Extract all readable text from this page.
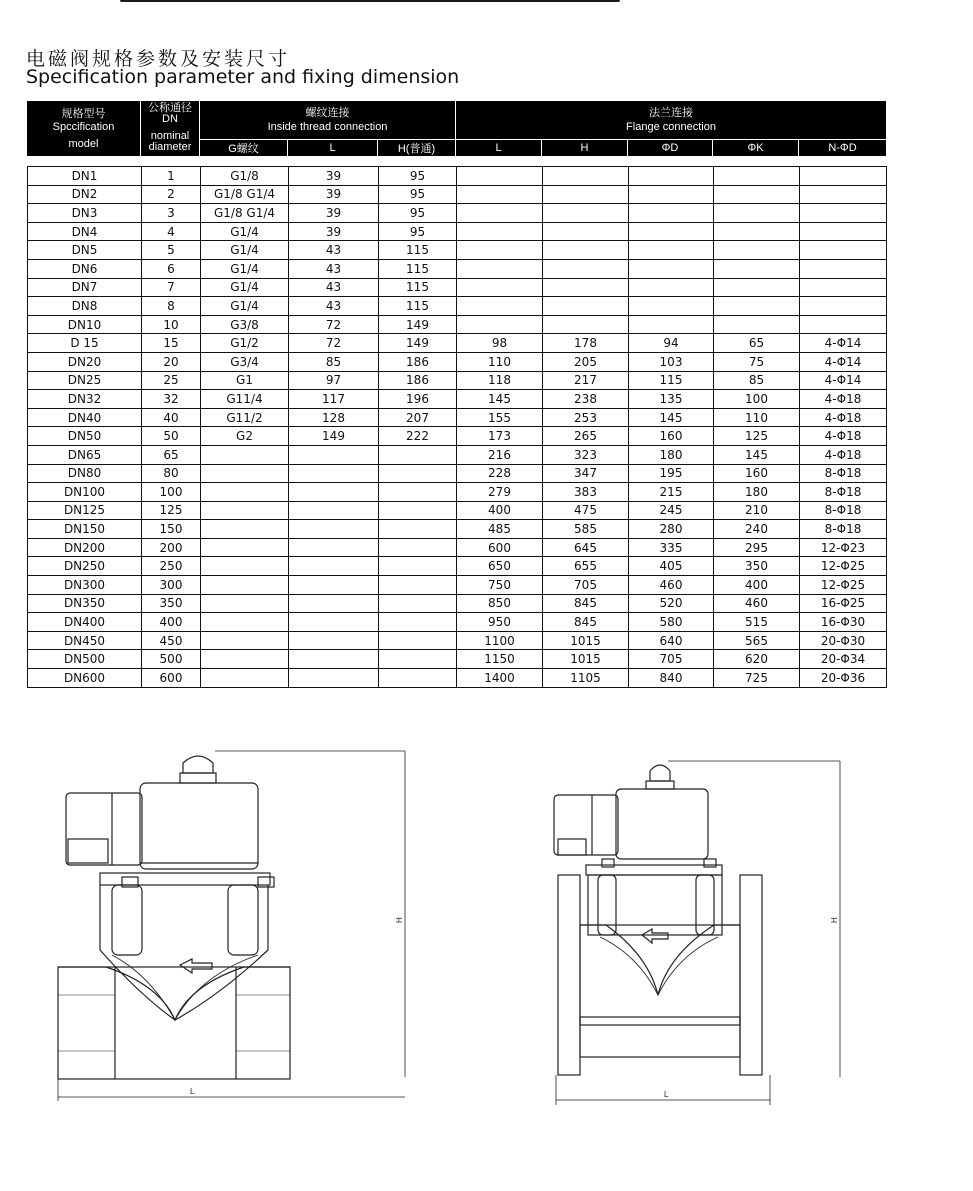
电磁阀规格参数及安装尺寸
Specification parameter and fixing dimension
规格型号
Spccification
model
公称通径
DN
nominal
diameter
螺纹连接
Inside thread connection
法兰连接
Flange connection
G螺纹	L	H(普通)	L	H	ΦD	ΦK	N-ΦD
DN1	1	G1/8	39	95					
DN2	2	G1/8 G1/4	39	95					
DN3	3	G1/8 G1/4	39	95					
DN4	4	G1/4	39	95					
DN5	5	G1/4	43	115					
DN6	6	G1/4	43	115					
DN7	7	G1/4	43	115					
DN8	8	G1/4	43	115					
DN10	10	G3/8	72	149					
D 15	15	G1/2	72	149	98	178	94	65	4-Φ14
DN20	20	G3/4	85	186	110	205	103	75	4-Φ14
DN25	25	G1	97	186	118	217	115	85	4-Φ14
DN32	32	G11/4	117	196	145	238	135	100	4-Φ18
DN40	40	G11/2	128	207	155	253	145	110	4-Φ18
DN50	50	G2	149	222	173	265	160	125	4-Φ18
DN65	65				216	323	180	145	4-Φ18
DN80	80				228	347	195	160	8-Φ18
DN100	100				279	383	215	180	8-Φ18
DN125	125				400	475	245	210	8-Φ18
DN150	150				485	585	280	240	8-Φ18
DN200	200				600	645	335	295	12-Φ23
DN250	250				650	655	405	350	12-Φ25
DN300	300				750	705	460	400	12-Φ25
DN350	350				850	845	520	460	16-Φ25
DN400	400				950	845	580	515	16-Φ30
DN450	450				1100	1015	640	565	20-Φ30
DN500	500				1150	1015	705	620	20-Φ34
DN600	600				1400	1105	840	725	20-Φ36
L
H
L
H
